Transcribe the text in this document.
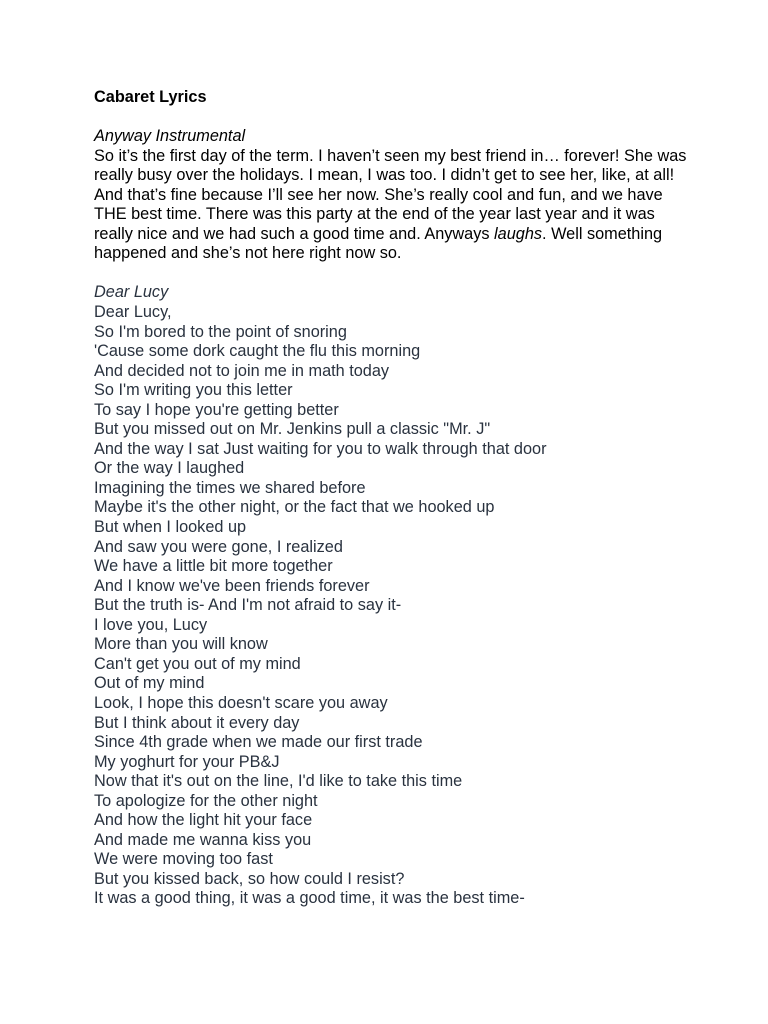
Cabaret Lyrics

Anyway Instrumental

So it’s the first day of the term. I haven’t seen my best friend in… forever! She was really busy over the holidays. I mean, I was too. I didn’t get to see her, like, at all! And that’s fine because I’ll see her now. She’s really cool and fun, and we have THE best time. There was this party at the end of the year last year and it was really nice and we had such a good time and. Anyways laughs. Well something happened and she’s not here right now so.

Dear Lucy

Dear Lucy,
So I'm bored to the point of snoring
'Cause some dork caught the flu this morning
And decided not to join me in math today
So I'm writing you this letter
To say I hope you're getting better
But you missed out on Mr. Jenkins pull a classic "Mr. J"
And the way I sat Just waiting for you to walk through that door
Or the way I laughed
Imagining the times we shared before
Maybe it's the other night, or the fact that we hooked up
But when I looked up
And saw you were gone, I realized
We have a little bit more together
And I know we've been friends forever
But the truth is- And I'm not afraid to say it-
I love you, Lucy
More than you will know
Can't get you out of my mind
Out of my mind
Look, I hope this doesn't scare you away
But I think about it every day
Since 4th grade when we made our first trade
My yoghurt for your PB&J
Now that it's out on the line, I'd like to take this time
To apologize for the other night
And how the light hit your face
And made me wanna kiss you
We were moving too fast
But you kissed back, so how could I resist?
It was a good thing, it was a good time, it was the best time-
